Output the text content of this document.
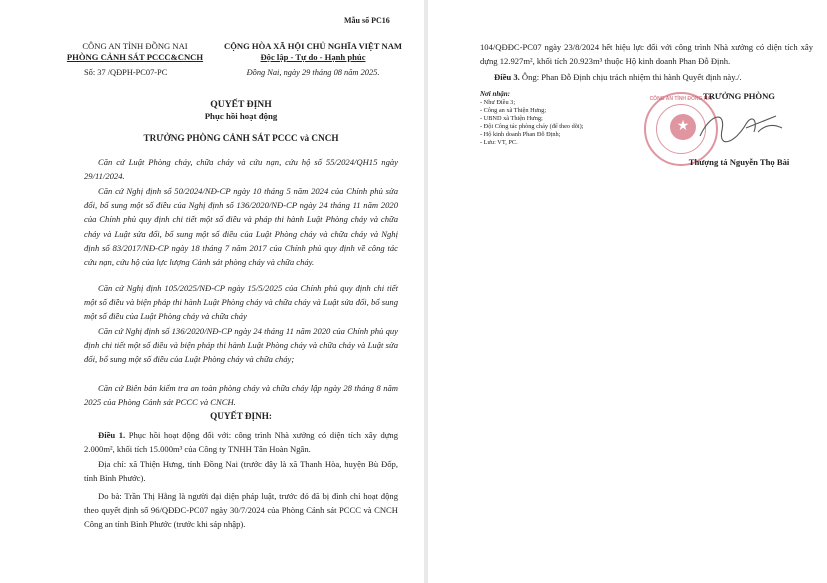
Mẫu số PC16
CÔNG AN TỈNH ĐỒNG NAI
PHÒNG CẢNH SÁT PCCC&CNCH
Số: 37 /QĐPH-PC07-PC
CỘNG HÒA XÃ HỘI CHỦ NGHĨA VIỆT NAM
Độc lập - Tự do - Hạnh phúc
Đồng Nai, ngày 29 tháng 08 năm 2025.
QUYẾT ĐỊNH
Phục hồi hoạt động
TRƯỞNG PHÒNG CẢNH SÁT PCCC và CNCH
Căn cứ Luật Phòng cháy, chữa cháy và cứu nạn, cứu hộ số 55/2024/QH15 ngày 29/11/2024.
Căn cứ Nghị định số 50/2024/NĐ-CP ngày 10 tháng 5 năm 2024 của Chính phủ sửa đổi, bổ sung một số điều của Nghị định số 136/2020/NĐ-CP ngày 24 tháng 11 năm 2020 của Chính phủ quy định chi tiết một số điều và pháp thi hành Luật Phòng cháy và chữa cháy và Luật sửa đổi, bổ sung một số điều của Luật Phòng cháy và chữa cháy và Nghị định số 83/2017/NĐ-CP ngày 18 tháng 7 năm 2017 của Chính phủ quy định về công tác cứu nạn, cứu hộ của lực lượng Cảnh sát phòng cháy và chữa cháy.
Căn cứ Nghị định 105/2025/NĐ-CP ngày 15/5/2025 của Chính phủ quy định chi tiết một số điều và biện pháp thi hành Luật Phòng cháy và chữa cháy và Luật sửa đổi, bổ sung một số điều của Luật Phòng cháy và chữa cháy
Căn cứ Nghị định số 136/2020/NĐ-CP ngày 24 tháng 11 năm 2020 của Chính phủ quy định chi tiết một số điều và biện pháp thi hành Luật Phòng cháy và chữa cháy và Luật sửa đổi, bổ sung một số điều của Luật Phòng cháy và chữa cháy;
Căn cứ Biên bản kiểm tra an toàn phòng cháy và chữa cháy lập ngày 28 tháng 8 năm 2025 của Phòng Cảnh sát PCCC và CNCH.
QUYẾT ĐỊNH:
Điều 1. Phục hồi hoạt động đối với: công trình Nhà xưởng có diện tích xây dựng 2.000m², khối tích 15.000m³ của Công ty TNHH Tân Hoàn Ngân.
Địa chỉ: xã Thiện Hưng, tỉnh Đồng Nai (trước đây là xã Thanh Hòa, huyện Bù Đốp, tỉnh Bình Phước).
Do bà: Trần Thị Hằng là người đại diện pháp luật, trước đó đã bị đình chỉ hoạt động theo quyết định số 96/QĐĐC-PC07 ngày 30/7/2024 của Phòng Cảnh sát PCCC và CNCH Công an tỉnh Bình Phước (trước khi sáp nhập).
104/QĐĐC-PC07 ngày 23/8/2024 hết hiệu lực đối với công trình Nhà xưởng có diện tích xây dựng 12.927m², khối tích 20.923m³ thuộc Hộ kinh doanh Phan Đỗ Định.
Điều 3. Ông: Phan Đỗ Định chịu trách nhiệm thi hành Quyết định này./.
Nơi nhận:
- Như Điều 3;
- Công an xã Thiện Hưng;
- UBND xã Thiện Hưng;
- Đội Công tác phòng cháy (để theo dõi);
- Hộ kinh doanh Phan Đỗ Định;
- Lưu: VT, PC.
CÔNG AN TỈNH ĐỒNG NAI
★
TRƯỞNG PHÒNG
Thượng tá Nguyễn Thọ Bài
